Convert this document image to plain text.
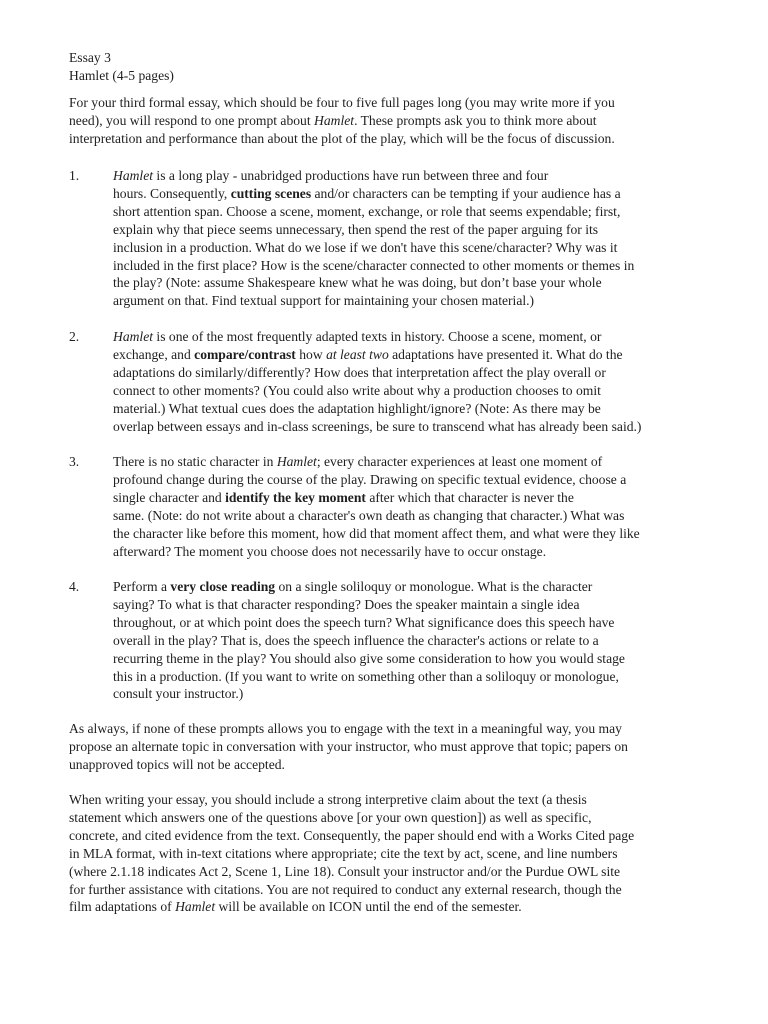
Essay 3
Hamlet (4-5 pages)
For your third formal essay, which should be four to five full pages long (you may write more if you
need), you will respond to one prompt about Hamlet. These prompts ask you to think more about
interpretation and performance than about the plot of the play, which will be the focus of discussion.
1.	Hamlet is a long play - unabridged productions have run between three and four
hours. Consequently, cutting scenes and/or characters can be tempting if your audience has a
short attention span. Choose a scene, moment, exchange, or role that seems expendable; first,
explain why that piece seems unnecessary, then spend the rest of the paper arguing for its
inclusion in a production. What do we lose if we don't have this scene/character? Why was it
included in the first place? How is the scene/character connected to other moments or themes in
the play? (Note: assume Shakespeare knew what he was doing, but don’t base your whole
argument on that. Find textual support for maintaining your chosen material.)
2.	Hamlet is one of the most frequently adapted texts in history. Choose a scene, moment, or
exchange, and compare/contrast how at least two adaptations have presented it. What do the
adaptations do similarly/differently? How does that interpretation affect the play overall or
connect to other moments? (You could also write about why a production chooses to omit
material.) What textual cues does the adaptation highlight/ignore? (Note: As there may be
overlap between essays and in-class screenings, be sure to transcend what has already been said.)
3.	There is no static character in Hamlet; every character experiences at least one moment of
profound change during the course of the play. Drawing on specific textual evidence, choose a
single character and identify the key moment after which that character is never the
same. (Note: do not write about a character's own death as changing that character.) What was
the character like before this moment, how did that moment affect them, and what were they like
afterward? The moment you choose does not necessarily have to occur onstage.
4.	Perform a very close reading on a single soliloquy or monologue. What is the character
saying? To what is that character responding? Does the speaker maintain a single idea
throughout, or at which point does the speech turn? What significance does this speech have
overall in the play? That is, does the speech influence the character's actions or relate to a
recurring theme in the play? You should also give some consideration to how you would stage
this in a production. (If you want to write on something other than a soliloquy or monologue,
consult your instructor.)
As always, if none of these prompts allows you to engage with the text in a meaningful way, you may
propose an alternate topic in conversation with your instructor, who must approve that topic; papers on
unapproved topics will not be accepted.
When writing your essay, you should include a strong interpretive claim about the text (a thesis
statement which answers one of the questions above [or your own question]) as well as specific,
concrete, and cited evidence from the text. Consequently, the paper should end with a Works Cited page
in MLA format, with in-text citations where appropriate; cite the text by act, scene, and line numbers
(where 2.1.18 indicates Act 2, Scene 1, Line 18). Consult your instructor and/or the Purdue OWL site
for further assistance with citations. You are not required to conduct any external research, though the
film adaptations of Hamlet will be available on ICON until the end of the semester.
